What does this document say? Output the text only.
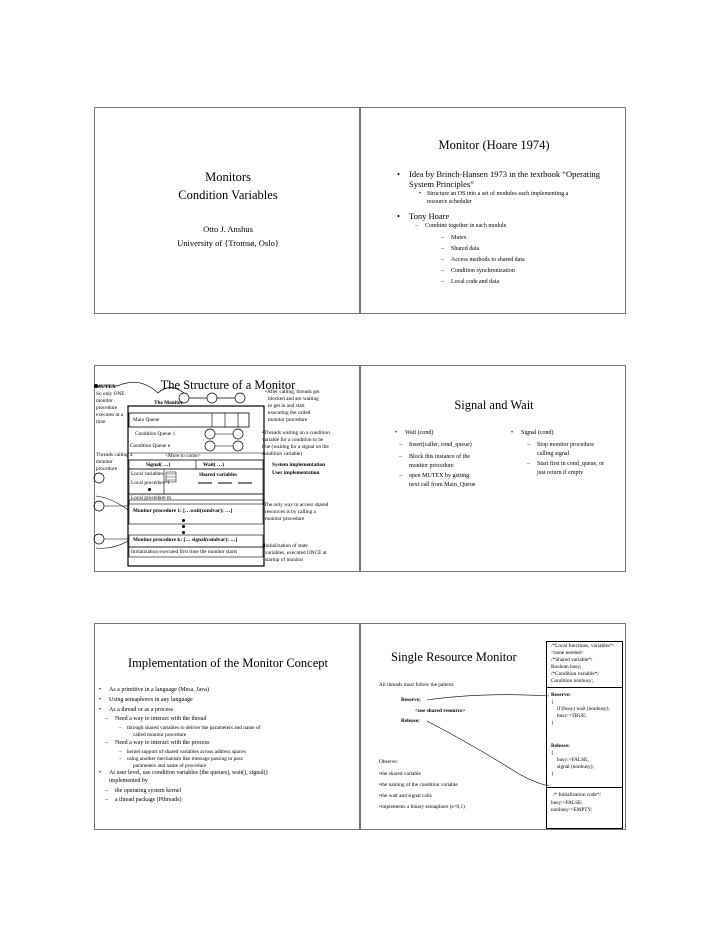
Monitors
Condition Variables
Otto J. Anshus
University of {Tromsø, Oslo}
Monitor (Hoare 1974)
• Idea by Brinch-Hansen 1973 in the textbook “Operating
System Principles”
• Structure an OS into a set of modules each implementing a
resource scheduler
• Tony Hoare
– Combine together in each module
– Mutex
– Shared data
– Access methods to shared data
– Condition synchronization
– Local code and data
The Structure of a Monitor
MUTEX
So only ONE
monitor
procedure
executes at a
time
The Monitor
•After calling, threads get
blocked and are waiting
to get in and start
executing the called
monitor procedure
Main Queue
Condition Queue 1
Condition Queue n
<More to come>
•Threads waiting on a condition
variable for a condition to be
true (waiting for a signal on the
condition variable)
Threads calling a
monitor
procedure
Signal( …)	Wait( …)	System implementation
User implementation
Local variables	Shared variables
Local procedure 1
Local procedure m
Monitor procedure 1: […wait(condvar); …]
•The only way to access shared
resources is by calling a
monitor procedure
Monitor procedure k: [… signal(condvar); …]
•Initialization of state
variables, executed ONCE at
startup of monitor
Initialization executed first time the monitor starts
Signal and Wait
• Wait (cond)
– Insert(caller, cond_queue)
– Block this instance of the
monitor procedure
– open MUTEX by getting
next call from Main_Queue
• Signal (cond)
– Stop monitor procedure
calling signal
– Start first in cond_queue, or
just return if empty
Implementation of the Monitor Concept
• As a primitive in a language (Mesa, Java)
• Using semaphores in any language
• As a thread or as a process
– Need a way to interact with the thread
– through shared variables to deliver the parameters and name of
called monitor procedure
– Need a way to interact with the process
– kernel support of shared variables across address spaces
– using another mechanism like message passing to pass
parameters and name of procedure
• At user level, use condition variables (the queues), wait(), signal()
implemented by
– the operating system kernel
– a thread package (Pthreads)
Single Resource Monitor
/*Local functions, variables*/
<none needed>
/*Shared variable*/
Boolean busy;
/*Condition variable*/
Condition nonbusy;
All threads must follow the pattern:
Reserve;
<use shared resource>
Release;
Reserve:
{
if (busy) wait (nonbusy);
busy:=TRUE;
}
Release:
{
busy:=FALSE;
signal (nonbusy);
}
Observe:
•the shared variable
•the naming of the condition variable
•the wait and signal calls
•implements a binary semaphore (s=0,1)
/* Initialization code*/
busy:=FALSE;
nonbusy:=EMPTY;
